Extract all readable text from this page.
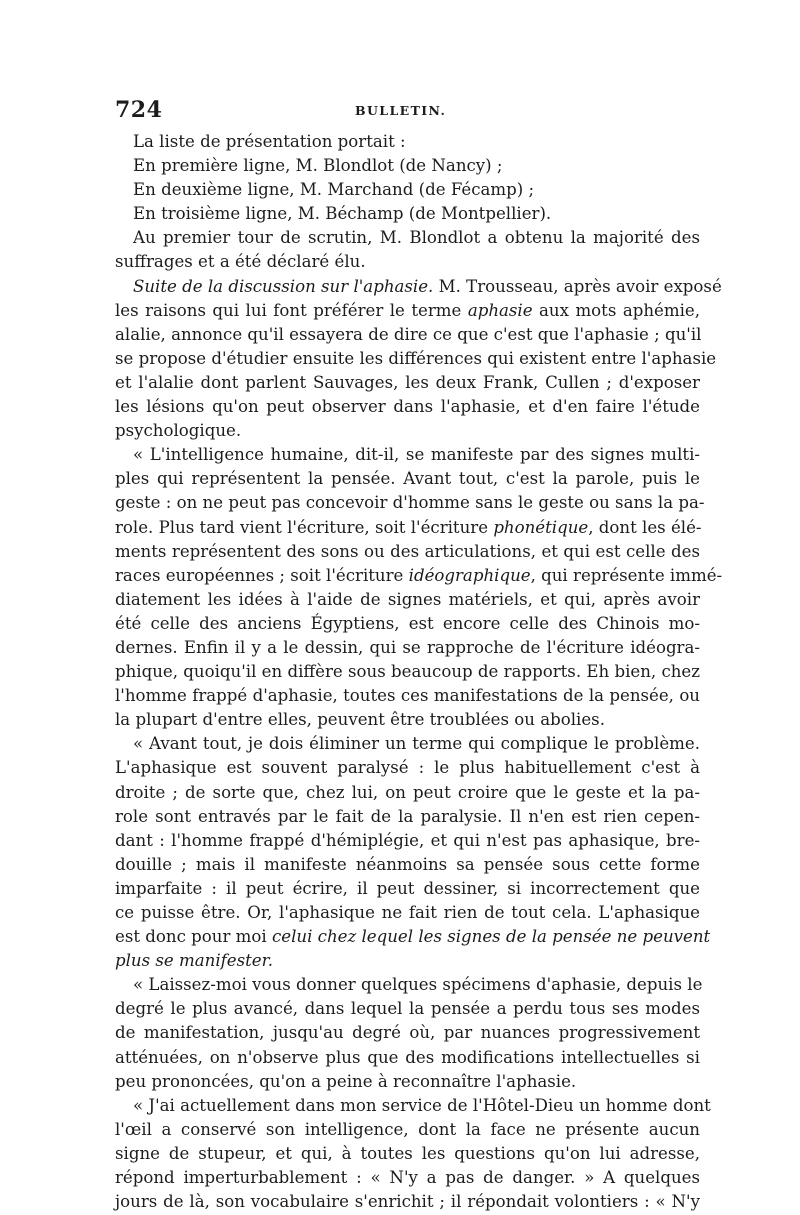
724	BULLETIN.
La liste de présentation portait :
En première ligne, M. Blondlot (de Nancy) ;
En deuxième ligne, M. Marchand (de Fécamp) ;
En troisième ligne, M. Béchamp (de Montpellier).
Au premier tour de scrutin, M. Blondlot a obtenu la majorité des
suffrages et a été déclaré élu.
Suite de la discussion sur l'aphasie. M. Trousseau, après avoir exposé
les raisons qui lui font préférer le terme aphasie aux mots aphémie,
alalie, annonce qu'il essayera de dire ce que c'est que l'aphasie ; qu'il
se propose d'étudier ensuite les différences qui existent entre l'aphasie
et l'alalie dont parlent Sauvages, les deux Frank, Cullen ; d'exposer
les lésions qu'on peut observer dans l'aphasie, et d'en faire l'étude
psychologique.
« L'intelligence humaine, dit-il, se manifeste par des signes multi-
ples qui représentent la pensée. Avant tout, c'est la parole, puis le
geste : on ne peut pas concevoir d'homme sans le geste ou sans la pa-
role. Plus tard vient l'écriture, soit l'écriture phonétique, dont les élé-
ments représentent des sons ou des articulations, et qui est celle des
races européennes ; soit l'écriture idéographique, qui représente immé-
diatement les idées à l'aide de signes matériels, et qui, après avoir
été celle des anciens Égyptiens, est encore celle des Chinois mo-
dernes. Enfin il y a le dessin, qui se rapproche de l'écriture idéogra-
phique, quoiqu'il en diffère sous beaucoup de rapports. Eh bien, chez
l'homme frappé d'aphasie, toutes ces manifestations de la pensée, ou
la plupart d'entre elles, peuvent être troublées ou abolies.
« Avant tout, je dois éliminer un terme qui complique le problème.
L'aphasique est souvent paralysé : le plus habituellement c'est à
droite ; de sorte que, chez lui, on peut croire que le geste et la pa-
role sont entravés par le fait de la paralysie. Il n'en est rien cepen-
dant : l'homme frappé d'hémiplégie, et qui n'est pas aphasique, bre-
douille ; mais il manifeste néanmoins sa pensée sous cette forme
imparfaite : il peut écrire, il peut dessiner, si incorrectement que
ce puisse être. Or, l'aphasique ne fait rien de tout cela. L'aphasique
est donc pour moi celui chez lequel les signes de la pensée ne peuvent
plus se manifester.
« Laissez-moi vous donner quelques spécimens d'aphasie, depuis le
degré le plus avancé, dans lequel la pensée a perdu tous ses modes
de manifestation, jusqu'au degré où, par nuances progressivement
atténuées, on n'observe plus que des modifications intellectuelles si
peu prononcées, qu'on a peine à reconnaître l'aphasie.
« J'ai actuellement dans mon service de l'Hôtel-Dieu un homme dont
l'œil a conservé son intelligence, dont la face ne présente aucun
signe de stupeur, et qui, à toutes les questions qu'on lui adresse,
répond imperturbablement : « N'y a pas de danger. » A quelques
jours de là, son vocabulaire s'enrichit ; il répondait volontiers : « N'y
